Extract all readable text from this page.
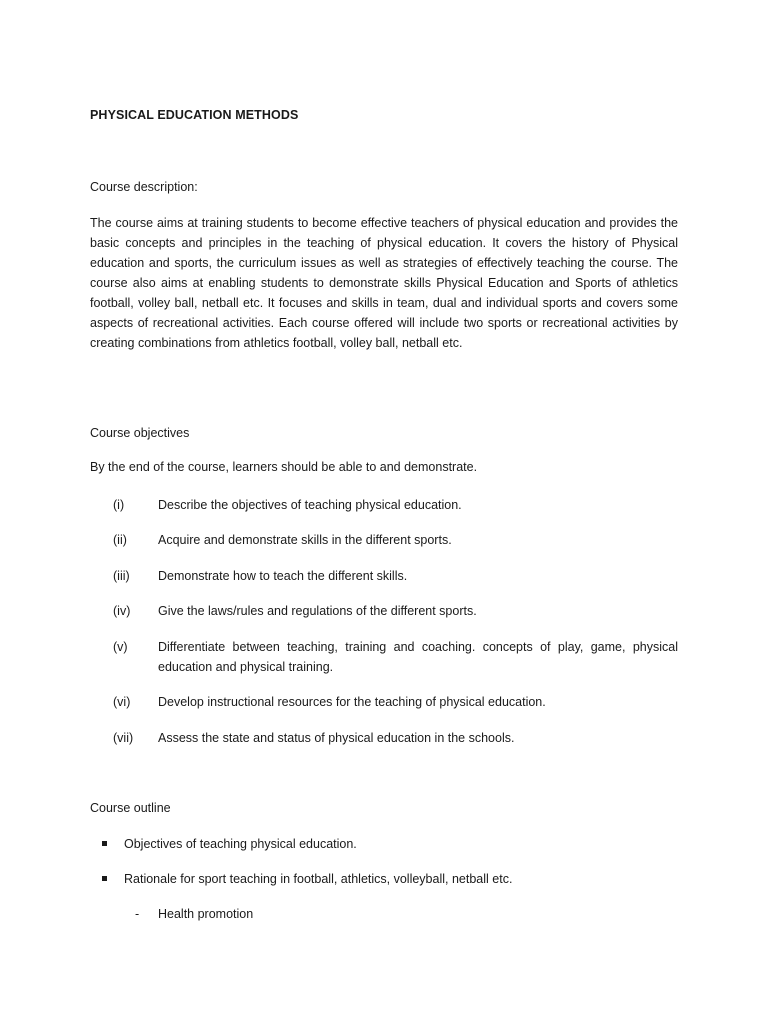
PHYSICAL EDUCATION METHODS
Course description:
The course aims at training students to become effective teachers of physical education and provides the basic concepts and principles in the teaching of physical education. It covers the history of Physical education and sports, the curriculum issues as well as strategies of effectively teaching the course. The course also aims at enabling students to demonstrate skills Physical Education and Sports of athletics football, volley ball, netball etc. It focuses and skills in team, dual and individual sports and covers some aspects of recreational activities. Each course offered will include two sports or recreational activities by creating combinations from athletics football, volley ball, netball etc.
Course objectives
By the end of the course, learners should be able to and demonstrate.
(i)	Describe the objectives of teaching physical education.
(ii) Acquire and demonstrate skills in the different sports.
(iii) Demonstrate how to teach the different skills.
(iv) Give the laws/rules and regulations of the different sports.
(v) Differentiate between teaching, training and coaching. concepts of play, game, physical education and physical training.
(vi) Develop instructional resources for the teaching of physical education.
(vii) Assess the state and status of physical education in the schools.
Course outline
Objectives of teaching physical education.
Rationale for sport teaching in football, athletics, volleyball, netball etc.
- Health promotion
